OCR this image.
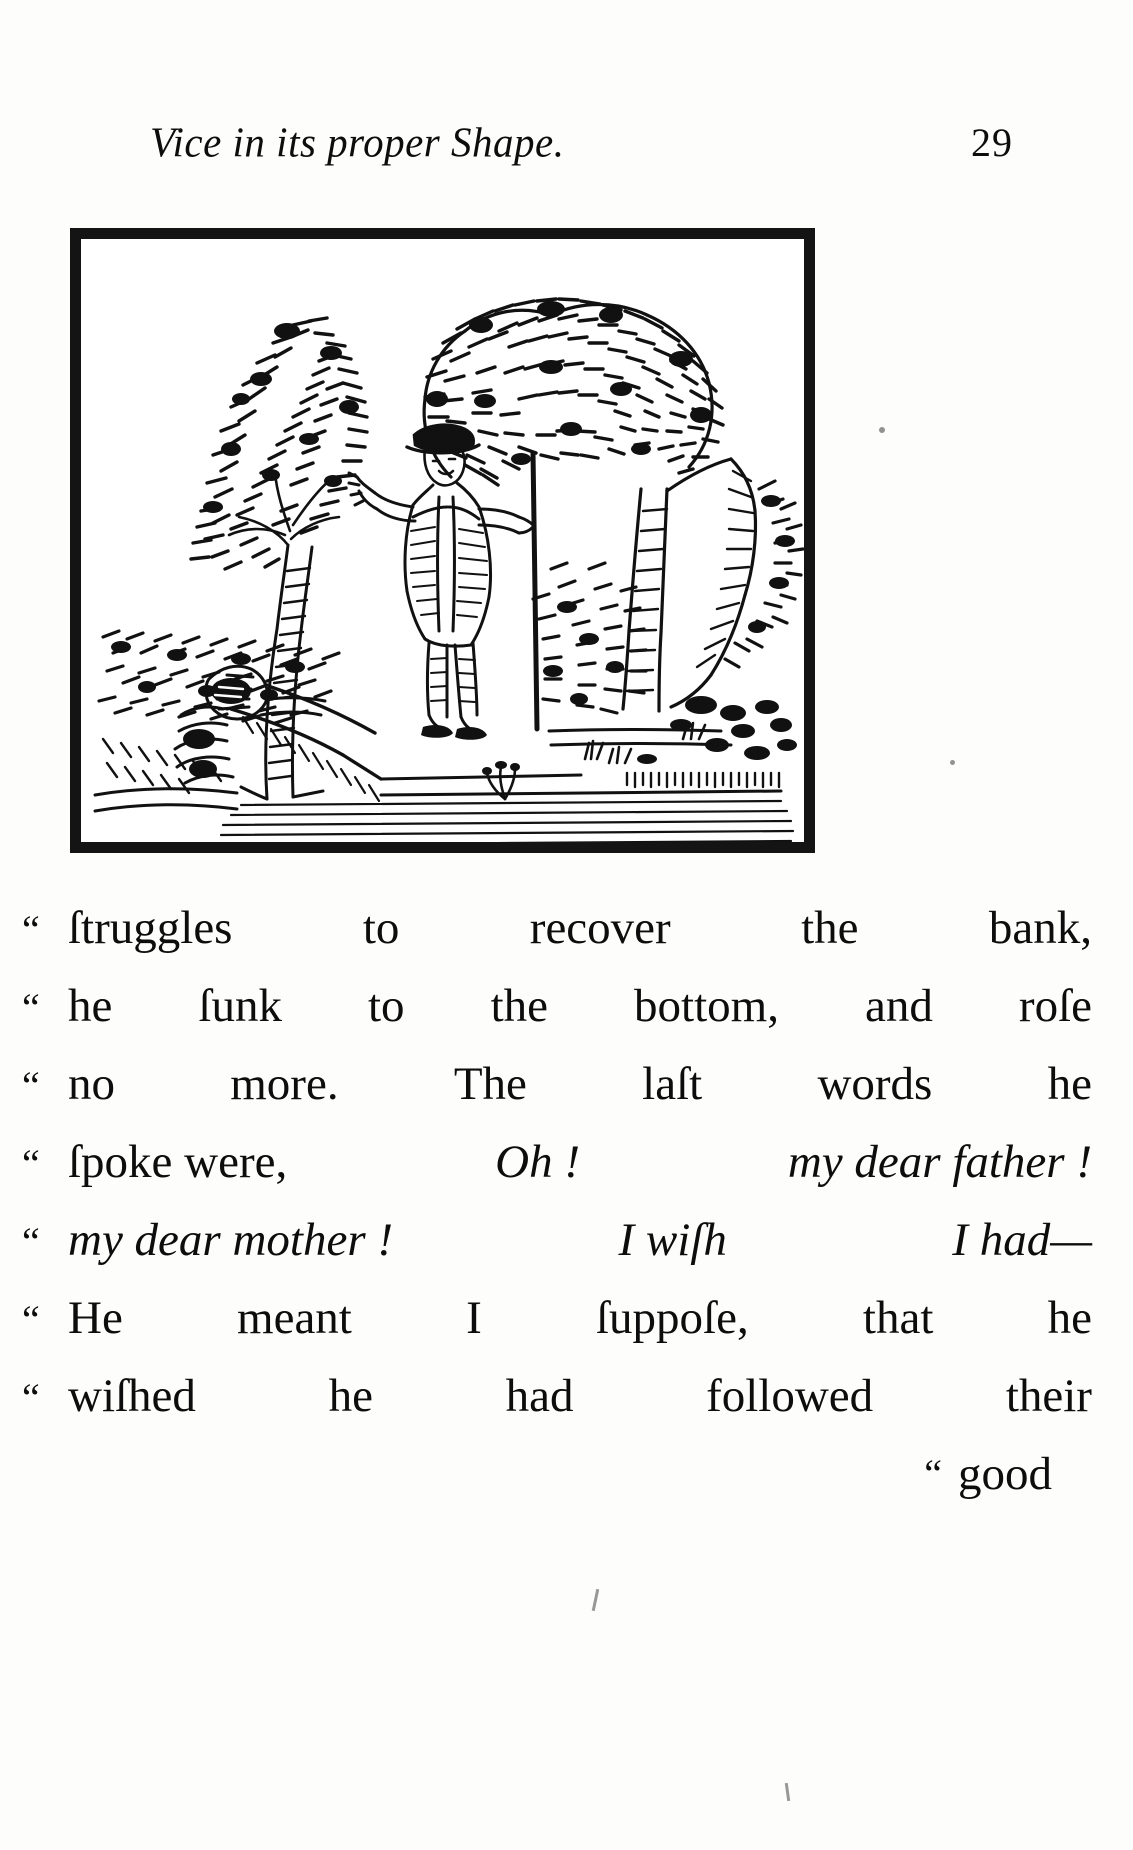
Vice in its proper Shape.	29
“ ſtruggles	to	recover	the	bank,
“ he ſunk to the bottom, and roſe
“ no more. The laſt words he
“ ſpoke were,	Oh !	my dear father !
“ my dear mother !	I wiſh	I had—
“ He meant I ſuppoſe, that he
“ wiſhed	he	had	followed	their
“ good
